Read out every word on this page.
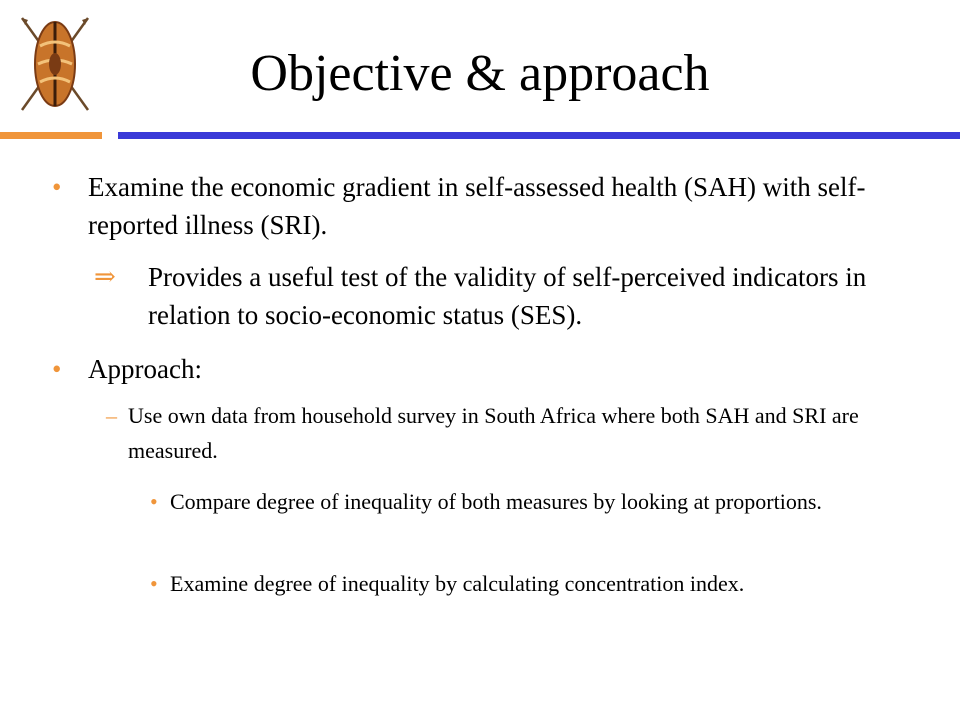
Objective & approach
• Examine the economic gradient in self-assessed health (SAH) with self-reported illness (SRI).
⇒ Provides a useful test of the validity of self-perceived indicators in relation to socio-economic status (SES).
• Approach:
– Use own data from household survey in South Africa where both SAH and SRI are measured.
• Compare degree of inequality of both measures by looking at proportions.
• Examine degree of inequality by calculating concentration index.
